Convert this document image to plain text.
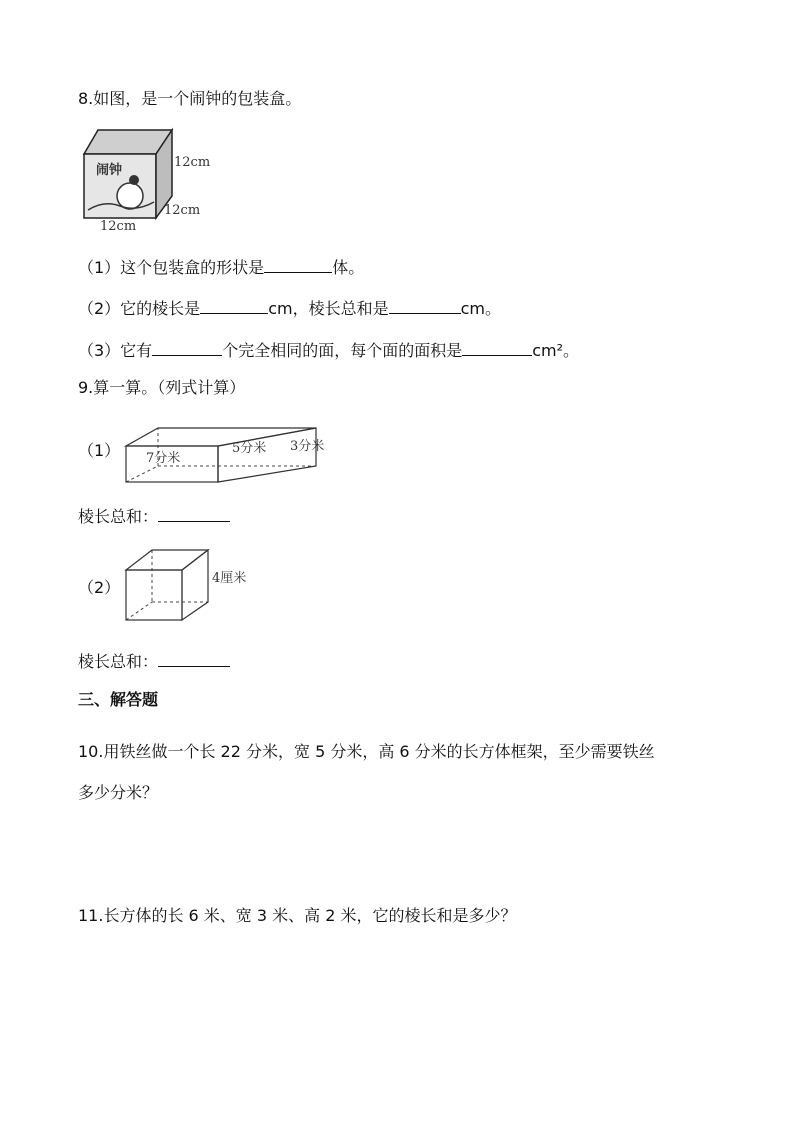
8.如图，是一个闹钟的包装盒。
闹钟
12cm
12cm
12cm
（1）这个包装盒的形状是	体。
（2）它的棱长是	cm，棱长总和是	cm。
（3）它有	个完全相同的面，每个面的面积是	cm²。
9.算一算。（列式计算）
（1） 7分米
5分米 3分米
棱长总和：
（2）	4厘米
棱长总和：
三、解答题
10.用铁丝做一个长 22 分米，宽 5 分米，高 6 分米的长方体框架，至少需要铁丝
多少分米？
11.长方体的长 6 米、宽 3 米、高 2 米，它的棱长和是多少？
